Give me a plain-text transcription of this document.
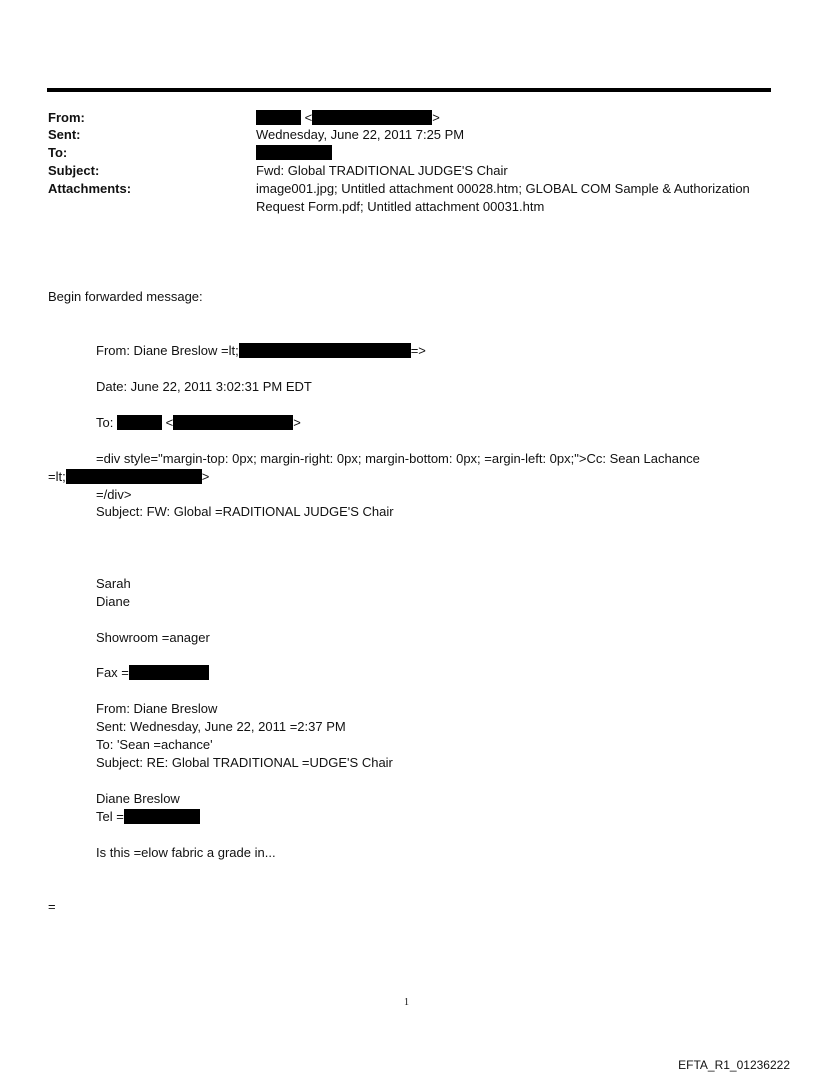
From:	<	>
Sent:	Wednesday, June 22, 2011 7:25 PM
To:
Subject:	Fwd: Global TRADITIONAL JUDGE'S Chair
Attachments:	image001.jpg; Untitled attachment 00028.htm; GLOBAL COM Sample & Authorization
Request Form.pdf; Untitled attachment 00031.htm
Begin forwarded message:
From: Diane Breslow =lt;	=>
Date: June 22, 2011 3:02:31 PM EDT
To:	<	>
=div style="margin-top: 0px; margin-right: 0px; margin-bottom: 0px; =argin-left: 0px;">Cc: Sean Lachance
=lt;	>
=/div>
Subject: FW: Global =RADITIONAL JUDGE'S Chair
Sarah
Diane
Showroom =anager
Fax =
From: Diane Breslow
Sent: Wednesday, June 22, 2011 =2:37 PM
To: 'Sean =achance'
Subject: RE: Global TRADITIONAL =UDGE'S Chair
Diane Breslow
Tel =
Is this =elow fabric a grade in...
=
1
EFTA_R1_01236222
